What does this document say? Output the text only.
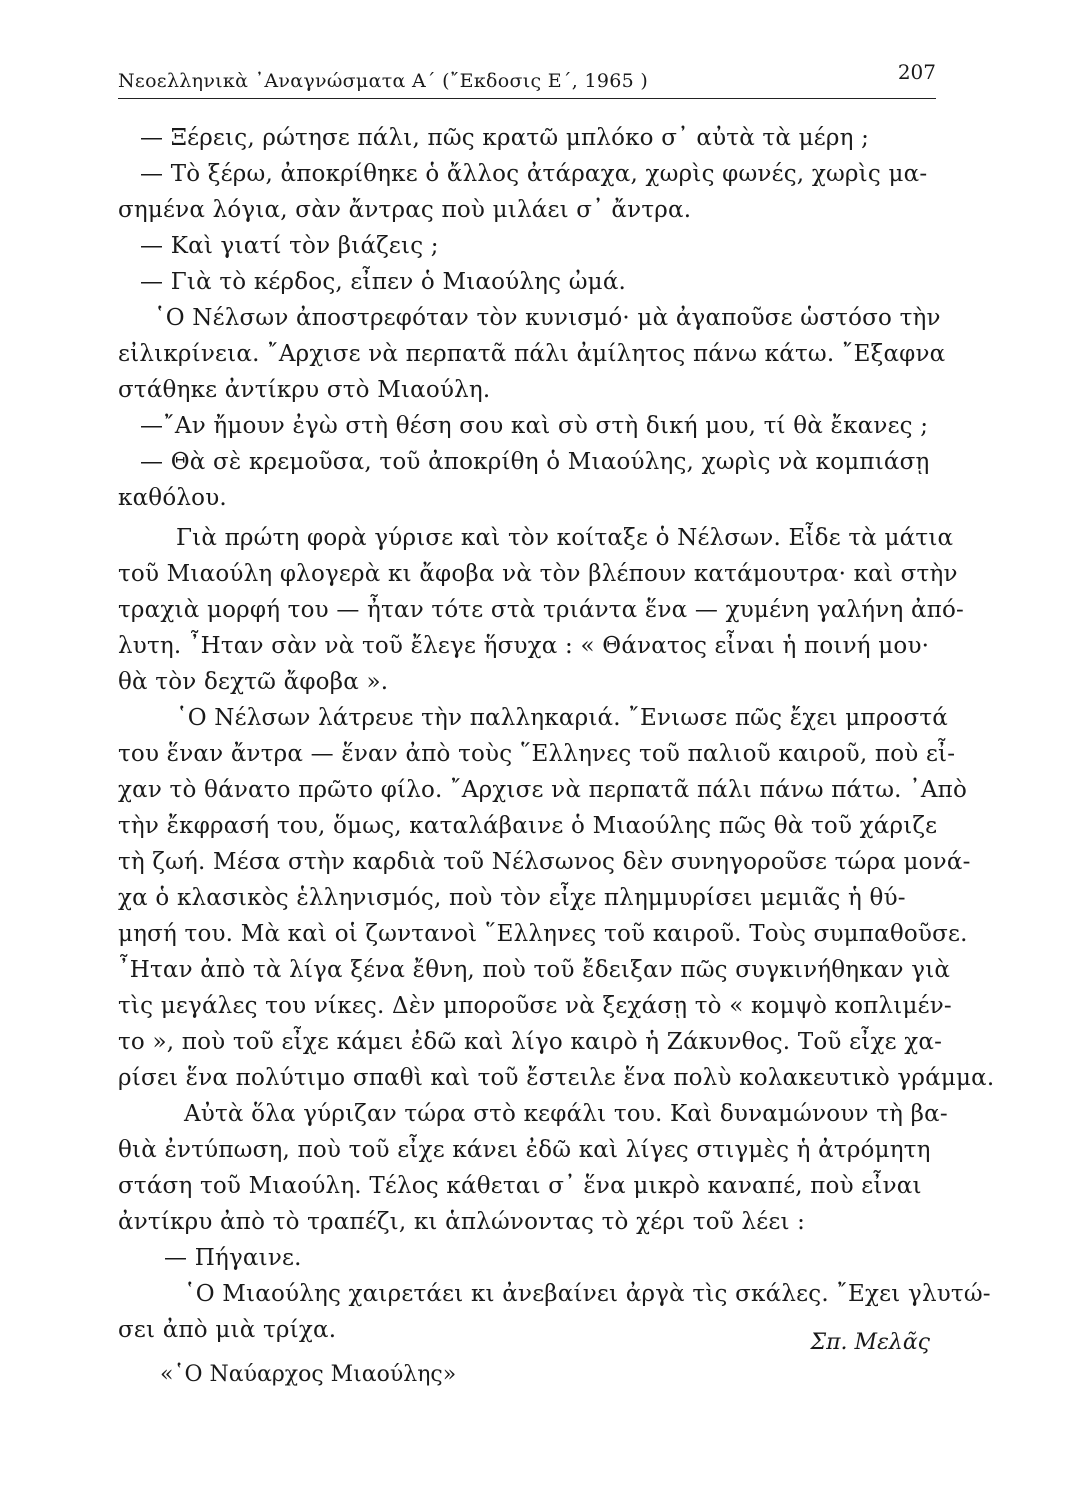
Νεοελληνικὰ ᾿Αναγνώσματα Α´ (῎Εκδοσις Ε´, 1965 )	207
— Ξέρεις, ρώτησε πάλι, πῶς κρατῶ μπλόκο σ᾿ αὐτὰ τὰ μέρη ;
— Τὸ ξέρω, ἀποκρίθηκε ὁ ἄλλος ἀτάραχα, χωρὶς φωνές, χωρὶς μα-
σημένα λόγια, σὰν ἄντρας ποὺ μιλάει σ᾿ ἄντρα.
— Καὶ γιατί τὸν βιάζεις ;
— Γιὰ τὸ κέρδος, εἶπεν ὁ Μιαούλης ὠμά.
῾Ο Νέλσων ἀποστρεφόταν τὸν κυνισμό· μὰ ἀγαποῦσε ὡστόσο τὴν
εἰλικρίνεια. ῎Αρχισε νὰ περπατᾶ πάλι ἀμίλητος πάνω κάτω. ῎Εξαφνα
στάθηκε ἀντίκρυ στὸ Μιαούλη.
—῎Αν ἤμουν ἐγὼ στὴ θέση σου καὶ σὺ στὴ δική μου, τί θὰ ἔκανες ;
— Θὰ σὲ κρεμοῦσα, τοῦ ἀποκρίθη ὁ Μιαούλης, χωρὶς νὰ κομπιάσῃ
καθόλου.
Γιὰ πρώτη φορὰ γύρισε καὶ τὸν κοίταξε ὁ Νέλσων. Εἶδε τὰ μάτια
τοῦ Μιαούλη φλογερὰ κι ἄφοβα νὰ τὸν βλέπουν κατάμουτρα· καὶ στὴν
τραχιὰ μορφή του — ἦταν τότε στὰ τριάντα ἕνα — χυμένη γαλήνη ἀπό-
λυτη. ῏Ηταν σὰν νὰ τοῦ ἔλεγε ἥσυχα : « Θάνατος εἶναι ἡ ποινή μου·
θὰ τὸν δεχτῶ ἄφοβα ».
῾Ο Νέλσων λάτρευε τὴν παλληκαριά. ῎Ενιωσε πῶς ἔχει μπροστά
του ἕναν ἄντρα — ἕναν ἀπὸ τοὺς ῞Ελληνες τοῦ παλιοῦ καιροῦ, ποὺ εἶ-
χαν τὸ θάνατο πρῶτο φίλο. ῎Αρχισε νὰ περπατᾶ πάλι πάνω πάτω. ᾿Απὸ
τὴν ἔκφρασή του, ὅμως, καταλάβαινε ὁ Μιαούλης πῶς θὰ τοῦ χάριζε
τὴ ζωή. Μέσα στὴν καρδιὰ τοῦ Νέλσωνος δὲν συνηγοροῦσε τώρα μονά-
χα ὁ κλασικὸς ἑλληνισμός, ποὺ τὸν εἶχε πλημμυρίσει μεμιᾶς ἡ θύ-
μησή του. Μὰ καὶ οἱ ζωντανοὶ ῞Ελληνες τοῦ καιροῦ. Τοὺς συμπαθοῦσε.
῏Ηταν ἀπὸ τὰ λίγα ξένα ἔθνη, ποὺ τοῦ ἔδειξαν πῶς συγκινήθηκαν γιὰ
τὶς μεγάλες του νίκες. Δὲν μποροῦσε νὰ ξεχάσῃ τὸ « κομψὸ κοπλιμέν-
το », ποὺ τοῦ εἶχε κάμει ἐδῶ καὶ λίγο καιρὸ ἡ Ζάκυνθος. Τοῦ εἶχε χα-
ρίσει ἕνα πολύτιμο σπαθὶ καὶ τοῦ ἔστειλε ἕνα πολὺ κολακευτικὸ γράμμα.
Αὐτὰ ὅλα γύριζαν τώρα στὸ κεφάλι του. Καὶ δυναμώνουν τὴ βα-
θιὰ ἐντύπωση, ποὺ τοῦ εἶχε κάνει ἐδῶ καὶ λίγες στιγμὲς ἡ ἀτρόμητη
στάση τοῦ Μιαούλη. Τέλος κάθεται σ᾿ ἕνα μικρὸ καναπέ, ποὺ εἶναι
ἀντίκρυ ἀπὸ τὸ τραπέζι, κι ἁπλώνοντας τὸ χέρι τοῦ λέει :
— Πήγαινε.
῾Ο Μιαούλης χαιρετάει κι ἀνεβαίνει ἀργὰ τὶς σκάλες. ῎Εχει γλυτώ-
σει ἀπὸ μιὰ τρίχα.	Σπ. Μελᾶς
«῾Ο Ναύαρχος Μιαούλης»
